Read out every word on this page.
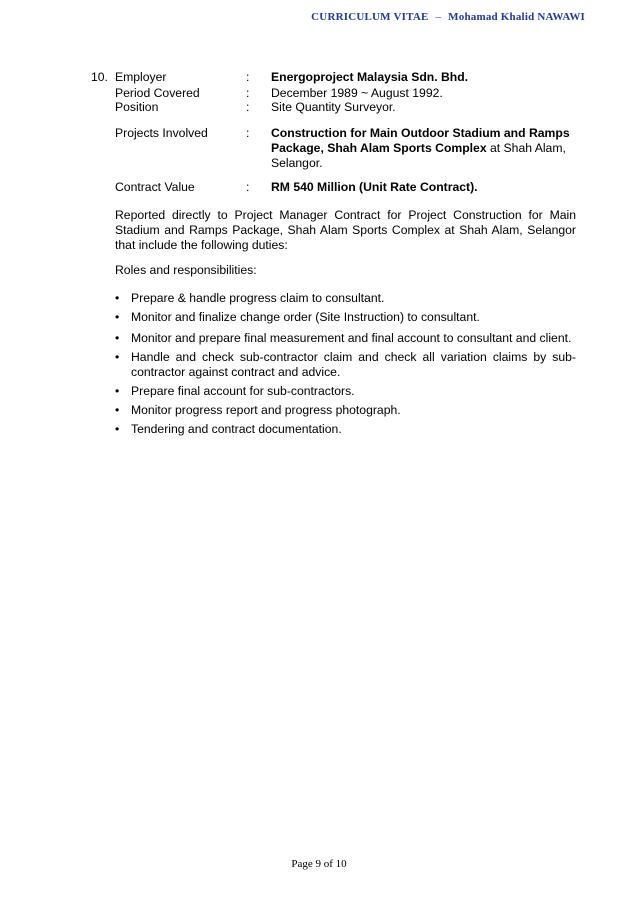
CURRICULUM VITAE – Mohamad Khalid NAWAWI
10. Employer	: Energoproject Malaysia Sdn. Bhd.
Period Covered	: December 1989 ~ August 1992.
Position	: Site Quantity Surveyor.
Projects Involved	: Construction for Main Outdoor Stadium and Ramps Package, Shah Alam Sports Complex at Shah Alam, Selangor.
Contract Value	: RM 540 Million (Unit Rate Contract).
Reported directly to Project Manager Contract for Project Construction for Main Stadium and Ramps Package, Shah Alam Sports Complex at Shah Alam, Selangor that include the following duties:
Roles and responsibilities:
• Prepare & handle progress claim to consultant.
• Monitor and finalize change order (Site Instruction) to consultant.
• Monitor and prepare final measurement and final account to consultant and client.
• Handle and check sub-contractor claim and check all variation claims by sub-contractor against contract and advice.
• Prepare final account for sub-contractors.
• Monitor progress report and progress photograph.
• Tendering and contract documentation.
Page 9 of 10
